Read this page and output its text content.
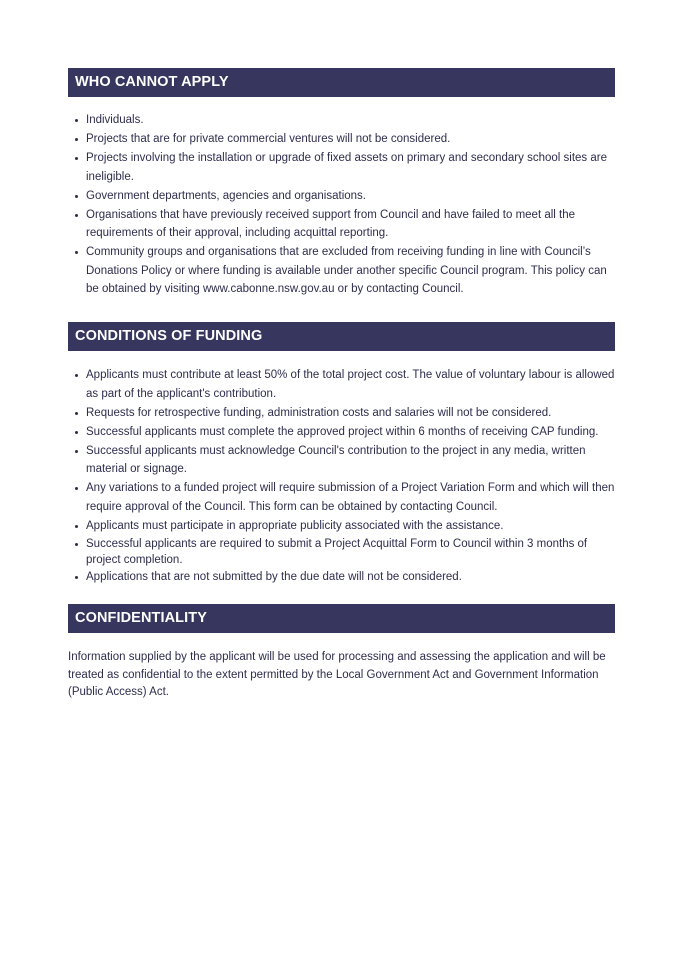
WHO CANNOT APPLY
Individuals.
Projects that are for private commercial ventures will not be considered.
Projects involving the installation or upgrade of fixed assets on primary and secondary school sites are ineligible.
Government departments, agencies and organisations.
Organisations that have previously received support from Council and have failed to meet all the requirements of their approval, including acquittal reporting.
Community groups and organisations that are excluded from receiving funding in line with Council’s Donations Policy or where funding is available under another specific Council program. This policy can be obtained by visiting www.cabonne.nsw.gov.au or by contacting Council.
CONDITIONS OF FUNDING
Applicants must contribute at least 50% of the total project cost. The value of voluntary labour is allowed as part of the applicant's contribution.
Requests for retrospective funding, administration costs and salaries will not be considered.
Successful applicants must complete the approved project within 6 months of receiving CAP funding.
Successful applicants must acknowledge Council's contribution to the project in any media, written material or signage.
Any variations to a funded project will require submission of a Project Variation Form and which will then require approval of the Council. This form can be obtained by contacting Council.
Applicants must participate in appropriate publicity associated with the assistance.
Successful applicants are required to submit a Project Acquittal Form to Council within 3 months of project completion.
Applications that are not submitted by the due date will not be considered.
CONFIDENTIALITY

Information supplied by the applicant will be used for processing and assessing the application and will be treated as confidential to the extent permitted by the Local Government Act and Government Information (Public Access) Act.
